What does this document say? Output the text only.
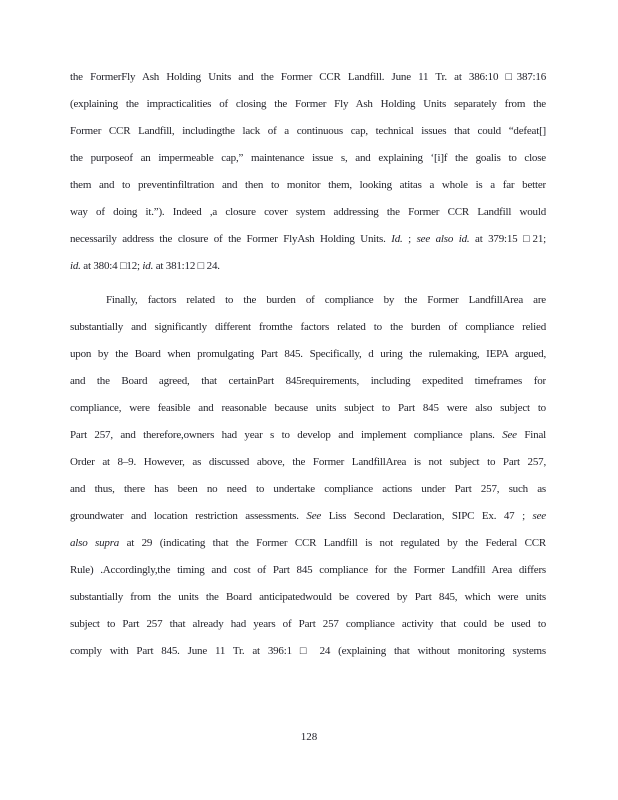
the FormerFly Ash Holding Units and the Former CCR Landfill. June 11 Tr. at 386:10 □387:16
(explaining the impracticalities of closing the Former Fly Ash Holding Units separately from the
Former CCR Landfill, includingthe lack of a continuous cap, technical issues that could “defeat[]
the purposeof an impermeable cap,” maintenance issue s, and explaining ‘[i]f the goalis to close
them and to preventinfiltration and then to monitor them, looking atitas a whole is a far better
way of doing it.”). Indeed ,a closure cover system addressing the Former CCR Landfill would
necessarily address the closure of the Former FlyAsh Holding Units. Id. ; see also id. at 379:15 □21;
id. at 380:4 □12; id. at 381:12 □ 24.
Finally, factors related to the burden of compliance by the Former LandfillArea are
substantially and significantly different fromthe factors related to the burden of compliance relied
upon by the Board when promulgating Part 845. Specifically, d uring the rulemaking, IEPA argued,
and the Board agreed, that certainPart 845requirements, including expedited timeframes for
compliance, were feasible and reasonable because units subject to Part 845 were also subject to
Part 257, and therefore,owners had year s to develop and implement compliance plans. See Final
Order at 8–9. However, as discussed above, the Former LandfillArea is not subject to Part 257,
and thus, there has been no need to undertake compliance actions under Part 257, such as
groundwater and location restriction assessments. See Liss Second Declaration, SIPC Ex. 47 ; see
also supra at 29 (indicating that the Former CCR Landfill is not regulated by the Federal CCR
Rule) .Accordingly,the timing and cost of Part 845 compliance for the Former Landfill Area differs
substantially from the units the Board anticipatedwould be covered by Part 845, which were units
subject to Part 257 that already had years of Part 257 compliance activity that could be used to
comply with Part 845. June 11 Tr. at 396:1 □ 24 (explaining that without monitoring systems
128
